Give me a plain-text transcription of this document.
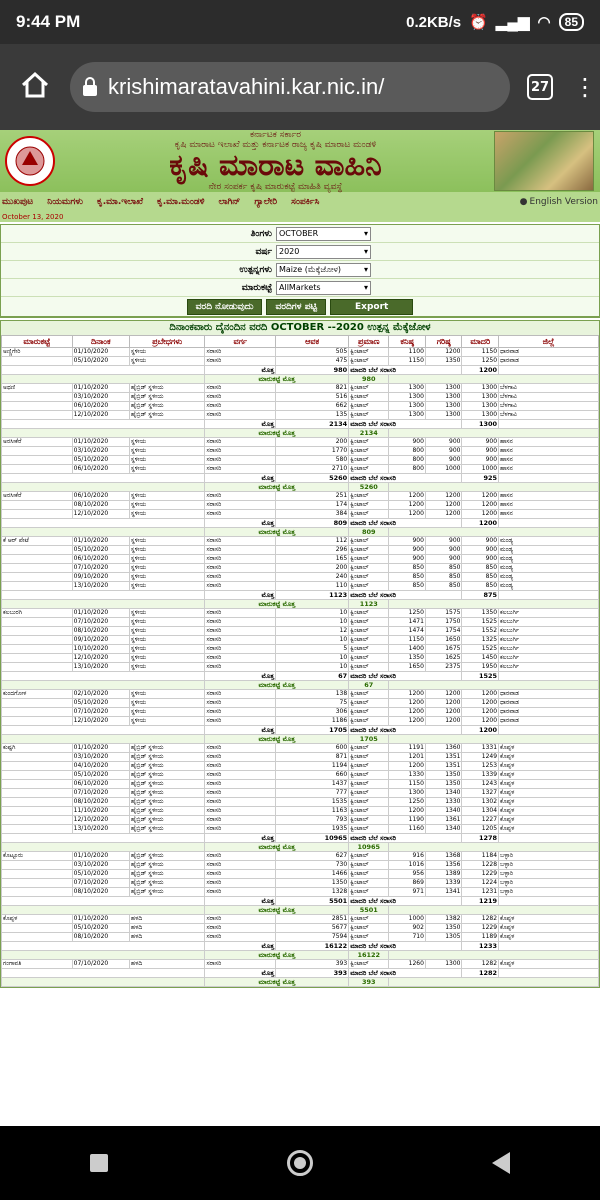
9:44 PM	0.2KB/s ⏰ ▂▄▆ ◠	85
krishimaratavahini.kar.nic.in/	27 ⋮
ಕರ್ನಾಟಕ ಸರ್ಕಾರ
ಕೃಷಿ ಮಾರಾಟ ಇಲಾಖೆ ಮತ್ತು ಕರ್ನಾಟಕ ರಾಜ್ಯ ಕೃಷಿ ಮಾರಾಟ ಮಂಡಳಿ
ಕೃಷಿ ಮಾರಾಟ ವಾಹಿನಿ
ನೇರ ಸಂಪರ್ಕ ಕೃಷಿ ಮಾರುಕಟ್ಟೆ ಮಾಹಿತಿ ವ್ಯವಸ್ಥೆ
ಮುಖಪುಟ ನಿಯಮಗಳು ಕೃ.ಮಾ.ಇಲಾಖೆ ಕೃ.ಮಾ.ಮಂಡಳಿ ಲಾಗಿನ್ ಗ್ಯಾಲೇರಿ ಸಂಪರ್ಕಿಸಿ	● English Version
October 13, 2020
ತಿಂಗಳು OCTOBER	▾
ವರ್ಷ 2020	▾
ಉತ್ಪನ್ನಗಳು Maize (ಮೆಕ್ಕೆಜೋಳ)	▾
ಮಾರುಕಟ್ಟೆ AllMarkets	▾
ವರದಿ ನೋಡುವುದು	ವರದಿಗಳ ಪಟ್ಟಿ	Export
ದಿನಾಂಕವಾರು ದೈನಂದಿನ ವರದಿ OCTOBER --2020 ಉತ್ಪನ್ನ ಮೆಕ್ಕೆಜೋಳ
ಮಾರುಕಟ್ಟೆ	ದಿನಾಂಕ	ಪ್ರಬೇಧಗಳು	ವರ್ಗ	ಆವಕ	ಪ್ರಮಾಣ	ಕನಿಷ್ಠ	ಗರಿಷ್ಠ	ಮಾದರಿ	ಜಿಲ್ಲೆ
ಅಣ್ಣಿಗೇರಿ	01/10/2020	ಸ್ಥಳೀಯ	ಸರಾಸರಿ	505	ಕ್ವಿಂಟಾಲ್	1100	1200	1150	ಧಾರವಾಡ
	05/10/2020	ಸ್ಥಳೀಯ	ಸರಾಸರಿ	475	ಕ್ವಿಂಟಾಲ್	1150	1350	1250	ಧಾರವಾಡ
			ಮೊತ್ತ	980	ಮಾದರಿ ಬೆಲೆ ಸರಾಸರಿ			1200	
			ಮಾರುಕಟ್ಟೆ ಮೊತ್ತ		980				
ಅಥಣಿ	01/10/2020	ಹೈಬ್ರಿಡ್ ಸ್ಥಳೀಯ	ಸರಾಸರಿ	821	ಕ್ವಿಂಟಾಲ್	1300	1300	1300	ಬೆಳಗಾವಿ
	03/10/2020	ಹೈಬ್ರಿಡ್ ಸ್ಥಳೀಯ	ಸರಾಸರಿ	516	ಕ್ವಿಂಟಾಲ್	1300	1300	1300	ಬೆಳಗಾವಿ
	06/10/2020	ಹೈಬ್ರಿಡ್ ಸ್ಥಳೀಯ	ಸರಾಸರಿ	662	ಕ್ವಿಂಟಾಲ್	1300	1300	1300	ಬೆಳಗಾವಿ
	12/10/2020	ಹೈಬ್ರಿಡ್ ಸ್ಥಳೀಯ	ಸರಾಸರಿ	135	ಕ್ವಿಂಟಾಲ್	1300	1300	1300	ಬೆಳಗಾವಿ
			ಮೊತ್ತ	2134	ಮಾದರಿ ಬೆಲೆ ಸರಾಸರಿ			1300	
			ಮಾರುಕಟ್ಟೆ ಮೊತ್ತ		2134				
ಅರಸೀಕೆರೆ	01/10/2020	ಸ್ಥಳೀಯ	ಸರಾಸರಿ	200	ಕ್ವಿಂಟಾಲ್	900	900	900	ಹಾಸನ
	03/10/2020	ಸ್ಥಳೀಯ	ಸರಾಸರಿ	1770	ಕ್ವಿಂಟಾಲ್	800	900	900	ಹಾಸನ
	05/10/2020	ಸ್ಥಳೀಯ	ಸರಾಸರಿ	580	ಕ್ವಿಂಟಾಲ್	800	900	900	ಹಾಸನ
	06/10/2020	ಸ್ಥಳೀಯ	ಸರಾಸರಿ	2710	ಕ್ವಿಂಟಾಲ್	800	1000	1000	ಹಾಸನ
			ಮೊತ್ತ	5260	ಮಾದರಿ ಬೆಲೆ ಸರಾಸರಿ			925	
			ಮಾರುಕಟ್ಟೆ ಮೊತ್ತ		5260				
ಅರಸೀಕೆರೆ	06/10/2020	ಸ್ಥಳೀಯ	ಸರಾಸರಿ	251	ಕ್ವಿಂಟಾಲ್	1200	1200	1200	ಹಾಸನ
	08/10/2020	ಸ್ಥಳೀಯ	ಸರಾಸರಿ	174	ಕ್ವಿಂಟಾಲ್	1200	1200	1200	ಹಾಸನ
	12/10/2020	ಸ್ಥಳೀಯ	ಸರಾಸರಿ	384	ಕ್ವಿಂಟಾಲ್	1200	1200	1200	ಹಾಸನ
			ಮೊತ್ತ	809	ಮಾದರಿ ಬೆಲೆ ಸರಾಸರಿ			1200	
			ಮಾರುಕಟ್ಟೆ ಮೊತ್ತ		809				
ಕೆ ಆರ್ ಪೇಟೆ	01/10/2020	ಸ್ಥಳೀಯ	ಸರಾಸರಿ	112	ಕ್ವಿಂಟಾಲ್	900	900	900	ಮಂಡ್ಯ
	05/10/2020	ಸ್ಥಳೀಯ	ಸರಾಸರಿ	296	ಕ್ವಿಂಟಾಲ್	900	900	900	ಮಂಡ್ಯ
	06/10/2020	ಸ್ಥಳೀಯ	ಸರಾಸರಿ	165	ಕ್ವಿಂಟಾಲ್	900	900	900	ಮಂಡ್ಯ
	07/10/2020	ಸ್ಥಳೀಯ	ಸರಾಸರಿ	200	ಕ್ವಿಂಟಾಲ್	850	850	850	ಮಂಡ್ಯ
	09/10/2020	ಸ್ಥಳೀಯ	ಸರಾಸರಿ	240	ಕ್ವಿಂಟಾಲ್	850	850	850	ಮಂಡ್ಯ
	13/10/2020	ಸ್ಥಳೀಯ	ಸರಾಸರಿ	110	ಕ್ವಿಂಟಾಲ್	850	850	850	ಮಂಡ್ಯ
			ಮೊತ್ತ	1123	ಮಾದರಿ ಬೆಲೆ ಸರಾಸರಿ			875	
			ಮಾರುಕಟ್ಟೆ ಮೊತ್ತ		1123				
ಕಲಬುರಗಿ	01/10/2020	ಸ್ಥಳೀಯ	ಸರಾಸರಿ	10	ಕ್ವಿಂಟಾಲ್	1250	1575	1350	ಕಲಬುರ್ಗಿ
	07/10/2020	ಸ್ಥಳೀಯ	ಸರಾಸರಿ	10	ಕ್ವಿಂಟಾಲ್	1471	1750	1525	ಕಲಬುರ್ಗಿ
	08/10/2020	ಸ್ಥಳೀಯ	ಸರಾಸರಿ	12	ಕ್ವಿಂಟಾಲ್	1474	1754	1552	ಕಲಬುರ್ಗಿ
	09/10/2020	ಸ್ಥಳೀಯ	ಸರಾಸರಿ	10	ಕ್ವಿಂಟಾಲ್	1150	1650	1325	ಕಲಬುರ್ಗಿ
	10/10/2020	ಸ್ಥಳೀಯ	ಸರಾಸರಿ	5	ಕ್ವಿಂಟಾಲ್	1400	1675	1525	ಕಲಬುರ್ಗಿ
	12/10/2020	ಸ್ಥಳೀಯ	ಸರಾಸರಿ	10	ಕ್ವಿಂಟಾಲ್	1350	1625	1450	ಕಲಬುರ್ಗಿ
	13/10/2020	ಸ್ಥಳೀಯ	ಸರಾಸರಿ	10	ಕ್ವಿಂಟಾಲ್	1650	2375	1950	ಕಲಬುರ್ಗಿ
			ಮೊತ್ತ	67	ಮಾದರಿ ಬೆಲೆ ಸರಾಸರಿ			1525	
			ಮಾರುಕಟ್ಟೆ ಮೊತ್ತ		67				
ಕುಂದಗೋಳ	02/10/2020	ಸ್ಥಳೀಯ	ಸರಾಸರಿ	138	ಕ್ವಿಂಟಾಲ್	1200	1200	1200	ಧಾರವಾಡ
	05/10/2020	ಸ್ಥಳೀಯ	ಸರಾಸರಿ	75	ಕ್ವಿಂಟಾಲ್	1200	1200	1200	ಧಾರವಾಡ
	07/10/2020	ಸ್ಥಳೀಯ	ಸರಾಸರಿ	306	ಕ್ವಿಂಟಾಲ್	1200	1200	1200	ಧಾರವಾಡ
	12/10/2020	ಸ್ಥಳೀಯ	ಸರಾಸರಿ	1186	ಕ್ವಿಂಟಾಲ್	1200	1200	1200	ಧಾರವಾಡ
			ಮೊತ್ತ	1705	ಮಾದರಿ ಬೆಲೆ ಸರಾಸರಿ			1200	
			ಮಾರುಕಟ್ಟೆ ಮೊತ್ತ		1705				
ಕುಷ್ಟಗಿ	01/10/2020	ಹೈಬ್ರಿಡ್ ಸ್ಥಳೀಯ	ಸರಾಸರಿ	600	ಕ್ವಿಂಟಾಲ್	1191	1360	1331	ಕೊಪ್ಪಳ
	03/10/2020	ಹೈಬ್ರಿಡ್ ಸ್ಥಳೀಯ	ಸರಾಸರಿ	871	ಕ್ವಿಂಟಾಲ್	1201	1351	1249	ಕೊಪ್ಪಳ
	04/10/2020	ಹೈಬ್ರಿಡ್ ಸ್ಥಳೀಯ	ಸರಾಸರಿ	1194	ಕ್ವಿಂಟಾಲ್	1200	1351	1253	ಕೊಪ್ಪಳ
	05/10/2020	ಹೈಬ್ರಿಡ್ ಸ್ಥಳೀಯ	ಸರಾಸರಿ	660	ಕ್ವಿಂಟಾಲ್	1330	1350	1339	ಕೊಪ್ಪಳ
	06/10/2020	ಹೈಬ್ರಿಡ್ ಸ್ಥಳೀಯ	ಸರಾಸರಿ	1437	ಕ್ವಿಂಟಾಲ್	1150	1350	1243	ಕೊಪ್ಪಳ
	07/10/2020	ಹೈಬ್ರಿಡ್ ಸ್ಥಳೀಯ	ಸರಾಸರಿ	777	ಕ್ವಿಂಟಾಲ್	1300	1340	1327	ಕೊಪ್ಪಳ
	08/10/2020	ಹೈಬ್ರಿಡ್ ಸ್ಥಳೀಯ	ಸರಾಸರಿ	1535	ಕ್ವಿಂಟಾಲ್	1250	1330	1302	ಕೊಪ್ಪಳ
	11/10/2020	ಹೈಬ್ರಿಡ್ ಸ್ಥಳೀಯ	ಸರಾಸರಿ	1163	ಕ್ವಿಂಟಾಲ್	1200	1340	1304	ಕೊಪ್ಪಳ
	12/10/2020	ಹೈಬ್ರಿಡ್ ಸ್ಥಳೀಯ	ಸರಾಸರಿ	793	ಕ್ವಿಂಟಾಲ್	1190	1361	1227	ಕೊಪ್ಪಳ
	13/10/2020	ಹೈಬ್ರಿಡ್ ಸ್ಥಳೀಯ	ಸರಾಸರಿ	1935	ಕ್ವಿಂಟಾಲ್	1160	1340	1205	ಕೊಪ್ಪಳ
			ಮೊತ್ತ	10965	ಮಾದರಿ ಬೆಲೆ ಸರಾಸರಿ			1278	
			ಮಾರುಕಟ್ಟೆ ಮೊತ್ತ		10965				
ಕೊಟ್ಟೂರು	01/10/2020	ಹೈಬ್ರಿಡ್ ಸ್ಥಳೀಯ	ಸರಾಸರಿ	627	ಕ್ವಿಂಟಾಲ್	916	1368	1184	ಬಳ್ಳಾರಿ
	03/10/2020	ಹೈಬ್ರಿಡ್ ಸ್ಥಳೀಯ	ಸರಾಸರಿ	730	ಕ್ವಿಂಟಾಲ್	1016	1356	1228	ಬಳ್ಳಾರಿ
	05/10/2020	ಹೈಬ್ರಿಡ್ ಸ್ಥಳೀಯ	ಸರಾಸರಿ	1466	ಕ್ವಿಂಟಾಲ್	956	1389	1229	ಬಳ್ಳಾರಿ
	07/10/2020	ಹೈಬ್ರಿಡ್ ಸ್ಥಳೀಯ	ಸರಾಸರಿ	1350	ಕ್ವಿಂಟಾಲ್	869	1339	1224	ಬಳ್ಳಾರಿ
	08/10/2020	ಹೈಬ್ರಿಡ್ ಸ್ಥಳೀಯ	ಸರಾಸರಿ	1328	ಕ್ವಿಂಟಾಲ್	971	1341	1231	ಬಳ್ಳಾರಿ
			ಮೊತ್ತ	5501	ಮಾದರಿ ಬೆಲೆ ಸರಾಸರಿ			1219	
			ಮಾರುಕಟ್ಟೆ ಮೊತ್ತ		5501				
ಕೊಪ್ಪಳ	01/10/2020	ಹಳದಿ	ಸರಾಸರಿ	2851	ಕ್ವಿಂಟಾಲ್	1000	1382	1282	ಕೊಪ್ಪಳ
	05/10/2020	ಹಳದಿ	ಸರಾಸರಿ	5677	ಕ್ವಿಂಟಾಲ್	902	1350	1229	ಕೊಪ್ಪಳ
	08/10/2020	ಹಳದಿ	ಸರಾಸರಿ	7594	ಕ್ವಿಂಟಾಲ್	710	1305	1189	ಕೊಪ್ಪಳ
			ಮೊತ್ತ	16122	ಮಾದರಿ ಬೆಲೆ ಸರಾಸರಿ			1233	
			ಮಾರುಕಟ್ಟೆ ಮೊತ್ತ		16122				
ಗಂಗಾವತಿ	07/10/2020	ಹಳದಿ	ಸರಾಸರಿ	393	ಕ್ವಿಂಟಾಲ್	1260	1300	1282	ಕೊಪ್ಪಳ
			ಮೊತ್ತ	393	ಮಾದರಿ ಬೆಲೆ ಸರಾಸರಿ			1282	
			ಮಾರುಕಟ್ಟೆ ಮೊತ್ತ		393				
